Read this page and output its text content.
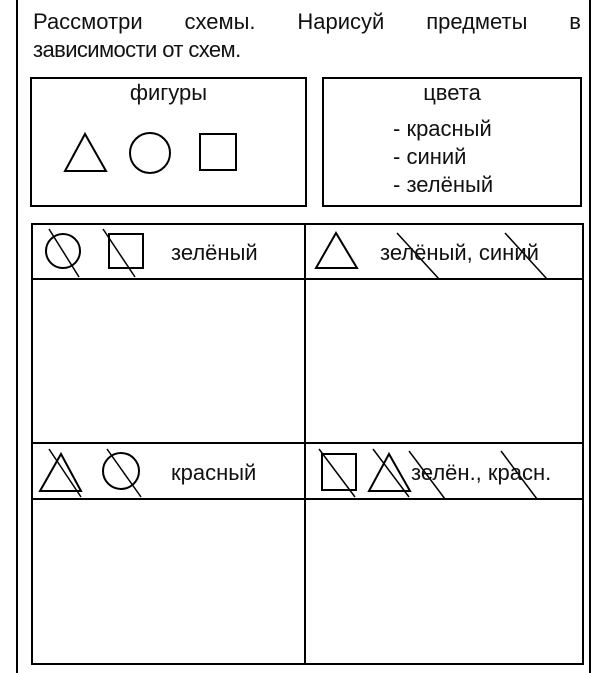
Рассмотри схемы. Нарисуй предметы в
зависимости от схем.
фигуры	цвета
- красный
- синий
- зелёный
зелёный	зелёный, синий
красный	зелён., красн.
